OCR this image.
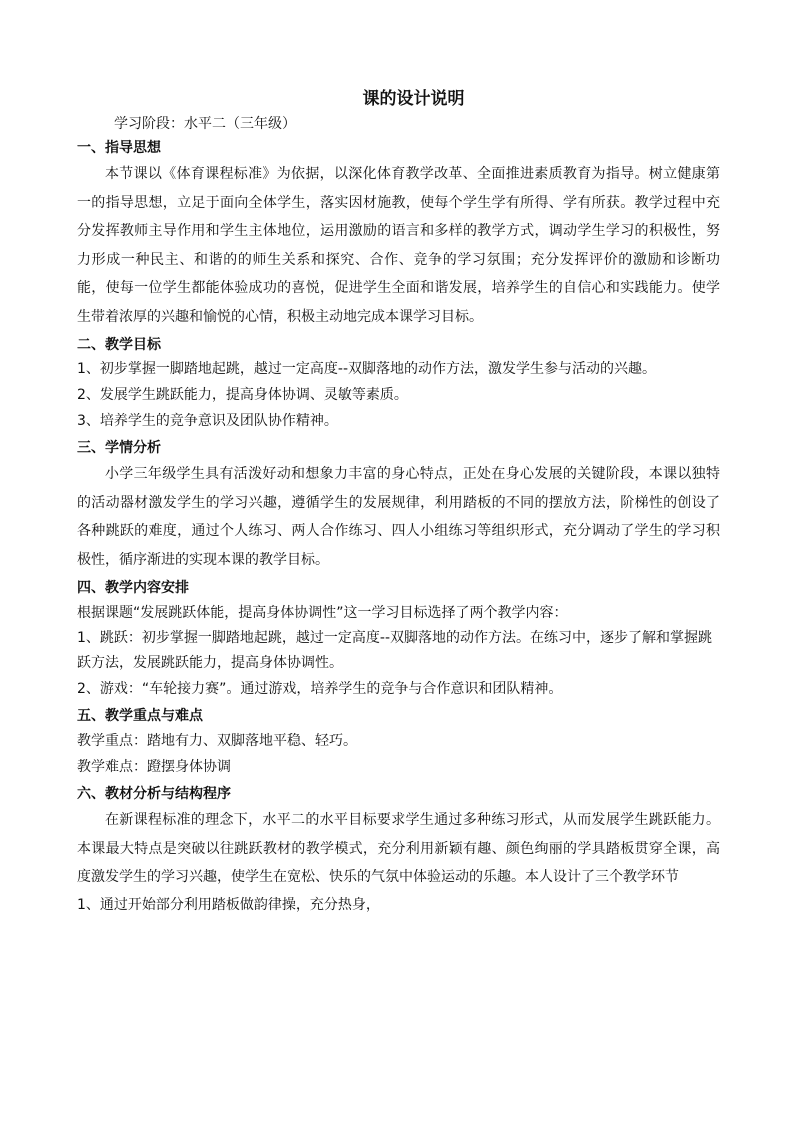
课的设计说明

学习阶段：水平二（三年级）

一、指导思想

本节课以《体育课程标准》为依据，以深化体育教学改革、全面推进素质教育为指导。树立健康第一的指导思想，立足于面向全体学生，落实因材施教，使每个学生学有所得、学有所获。教学过程中充分发挥教师主导作用和学生主体地位，运用激励的语言和多样的教学方式，调动学生学习的积极性，努力形成一种民主、和谐的的师生关系和探究、合作、竞争的学习氛围；充分发挥评价的激励和诊断功能，使每一位学生都能体验成功的喜悦，促进学生全面和谐发展，培养学生的自信心和实践能力。使学生带着浓厚的兴趣和愉悦的心情，积极主动地完成本课学习目标。

二、教学目标

1、初步掌握一脚踏地起跳，越过一定高度--双脚落地的动作方法，激发学生参与活动的兴趣。

2、发展学生跳跃能力，提高身体协调、灵敏等素质。

3、培养学生的竞争意识及团队协作精神。

三、学情分析

小学三年级学生具有活泼好动和想象力丰富的身心特点，正处在身心发展的关键阶段，本课以独特的活动器材激发学生的学习兴趣，遵循学生的发展规律，利用踏板的不同的摆放方法，阶梯性的创设了各种跳跃的难度，通过个人练习、两人合作练习、四人小组练习等组织形式，充分调动了学生的学习积极性，循序渐进的实现本课的教学目标。

四、教学内容安排

根据课题“发展跳跃体能，提高身体协调性”这一学习目标选择了两个教学内容：

1、跳跃：初步掌握一脚踏地起跳，越过一定高度--双脚落地的动作方法。在练习中，逐步了解和掌握跳跃方法，发展跳跃能力，提高身体协调性。

2、游戏：“车轮接力赛”。通过游戏，培养学生的竞争与合作意识和团队精神。

五、教学重点与难点

教学重点：踏地有力、双脚落地平稳、轻巧。

教学难点：蹬摆身体协调

六、教材分析与结构程序

在新课程标准的理念下，水平二的水平目标要求学生通过多种练习形式，从而发展学生跳跃能力。本课最大特点是突破以往跳跃教材的教学模式，充分利用新颖有趣、颜色绚丽的学具踏板贯穿全课，高度激发学生的学习兴趣，使学生在宽松、快乐的气氛中体验运动的乐趣。本人设计了三个教学环节

1、通过开始部分利用踏板做韵律操，充分热身，
